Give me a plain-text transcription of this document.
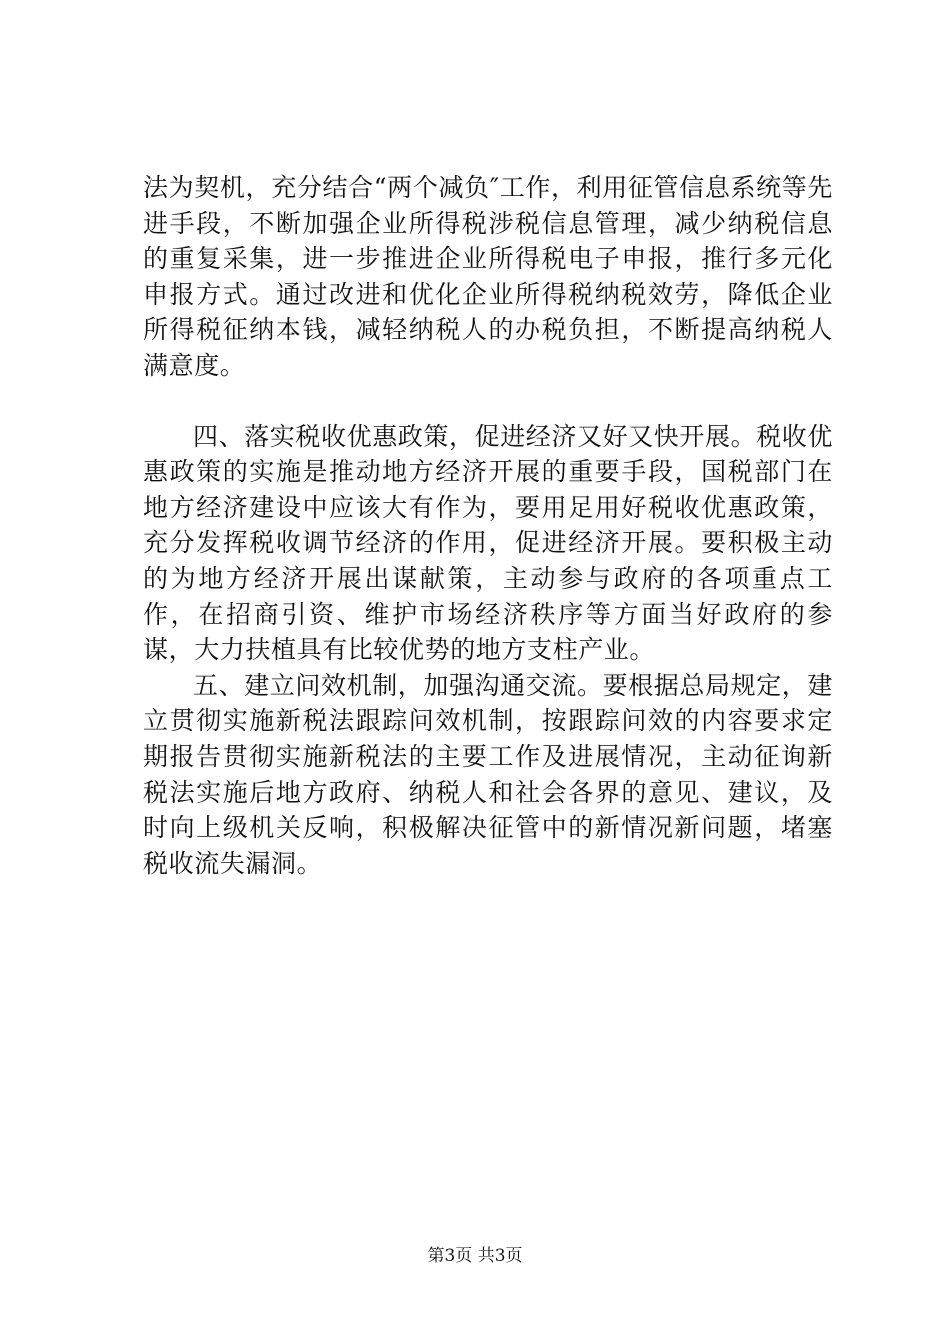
法为契机，充分结合“两个减负″工作，利用征管信息系统等先进手段，不断加强企业所得税涉税信息管理，减少纳税信息的重复采集，进一步推进企业所得税电子申报，推行多元化申报方式。通过改进和优化企业所得税纳税效劳，降低企业所得税征纳本钱，减轻纳税人的办税负担，不断提高纳税人满意度。

四、落实税收优惠政策，促进经济又好又快开展。税收优惠政策的实施是推动地方经济开展的重要手段，国税部门在地方经济建设中应该大有作为，要用足用好税收优惠政策，充分发挥税收调节经济的作用，促进经济开展。要积极主动的为地方经济开展出谋献策，主动参与政府的各项重点工作，在招商引资、维护市场经济秩序等方面当好政府的参谋，大力扶植具有比较优势的地方支柱产业。

五、建立问效机制，加强沟通交流。要根据总局规定，建立贯彻实施新税法跟踪问效机制，按跟踪问效的内容要求定期报告贯彻实施新税法的主要工作及进展情况，主动征询新税法实施后地方政府、纳税人和社会各界的意见、建议，及时向上级机关反响，积极解决征管中的新情况新问题，堵塞税收流失漏洞。

第3页 共3页
